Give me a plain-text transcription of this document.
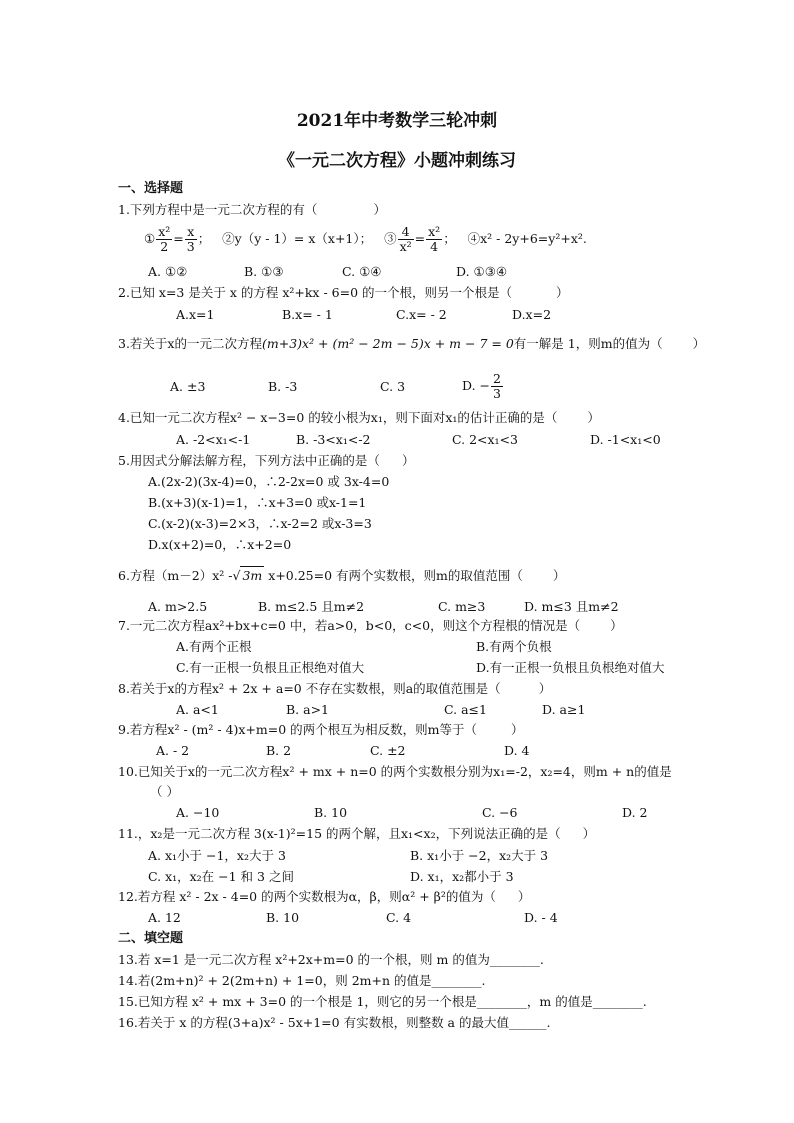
2021年中考数学三轮冲刺
《一元二次方程》小题冲刺练习
一、选择题
1.下列方程中是一元二次方程的有（	）
① $\frac{\text{x²}}{2} = \frac{x}{3}$ ； ②y（y - 1）= x（x+1）； ③ $\frac{4}{\text{x²}} = \frac{\text{x²}}{4}$ ； ④x² - 2y+6=y²+x².
A. ①②	B. ①③	C. ①④	D. ①③④
2.已知 x=3 是关于 x 的方程 x²+kx - 6=0 的一个根，则另一个根是（	）
A.x=1	B.x= - 1	C.x= - 2	D.x=2
3.若关于x的一元二次方程(m+3)x² + (m² − 2m − 5)x + m − 7 = 0有一解是 1，则m的值为（ ）
A. ±3	B. -3	C. 3	D. − $\frac{2}{3}$
4.已知一元二次方程x² − x−3=0 的较小根为x₁，则下面对x₁的估计正确的是（ ）
A. -2<x₁<-1	B. -3<x₁<-2	C. 2<x₁<3	D. -1<x₁<0
5.用因式分解法解方程，下列方法中正确的是（ ）
A.(2x-2)(3x-4)=0，∴2-2x=0 或 3x-4=0
B.(x+3)(x-1)=1，∴x+3=0 或x-1=1
C.(x-2)(x-3)=2×3，∴x-2=2 或x-3=3
D.x(x+2)=0，∴x+2=0
6.方程（m－2）x² -√ 3m x+0.25=0 有两个实数根，则m的取值范围（ ）
A. m>2.5	B. m≤2.5 且m≠2	C. m≥3	D. m≤3 且m≠2
7.一元二次方程ax²+bx+c=0 中，若a>0，b<0，c<0，则这个方程根的情况是（ ）
A.有两个正根	B.有两个负根
C.有一正根一负根且正根绝对值大	D.有一正根一负根且负根绝对值大
8.若关于x的方程x² + 2x + a=0 不存在实数根，则a的取值范围是（	）
A. a<1	B. a>1	C. a≤1	D. a≥1
9.若方程x² - (m² - 4)x+m=0 的两个根互为相反数，则m等于（	）
A. - 2	B. 2	C. ±2	D. 4
10.已知关于x的一元二次方程x² + mx + n=0 的两个实数根分别为x₁=-2，x₂=4，则m + n的值是
（ ）
A. −10	B. 10	C. −6	D. 2
11.，x₂是一元二次方程 3(x-1)²=15 的两个解，且x₁<x₂，下列说法正确的是（ ）
A. x₁小于 −1，x₂大于 3	B. x₁小于 −2，x₂大于 3
C. x₁，x₂在 −1 和 3 之间	D. x₁，x₂都小于 3
12.若方程 x² - 2x - 4=0 的两个实数根为α，β，则α² + β²的值为（ ）
A. 12	B. 10	C. 4	D. - 4
二、填空题
13.若 x=1 是一元二次方程 x²+2x+m=0 的一个根，则 m 的值为________.
14.若(2m+n)² + 2(2m+n) + 1=0，则 2m+n 的值是________.
15.已知方程 x² + mx + 3=0 的一个根是 1，则它的另一个根是________，m 的值是________.
16.若关于 x 的方程(3+a)x² - 5x+1=0 有实数根，则整数 a 的最大值______.
